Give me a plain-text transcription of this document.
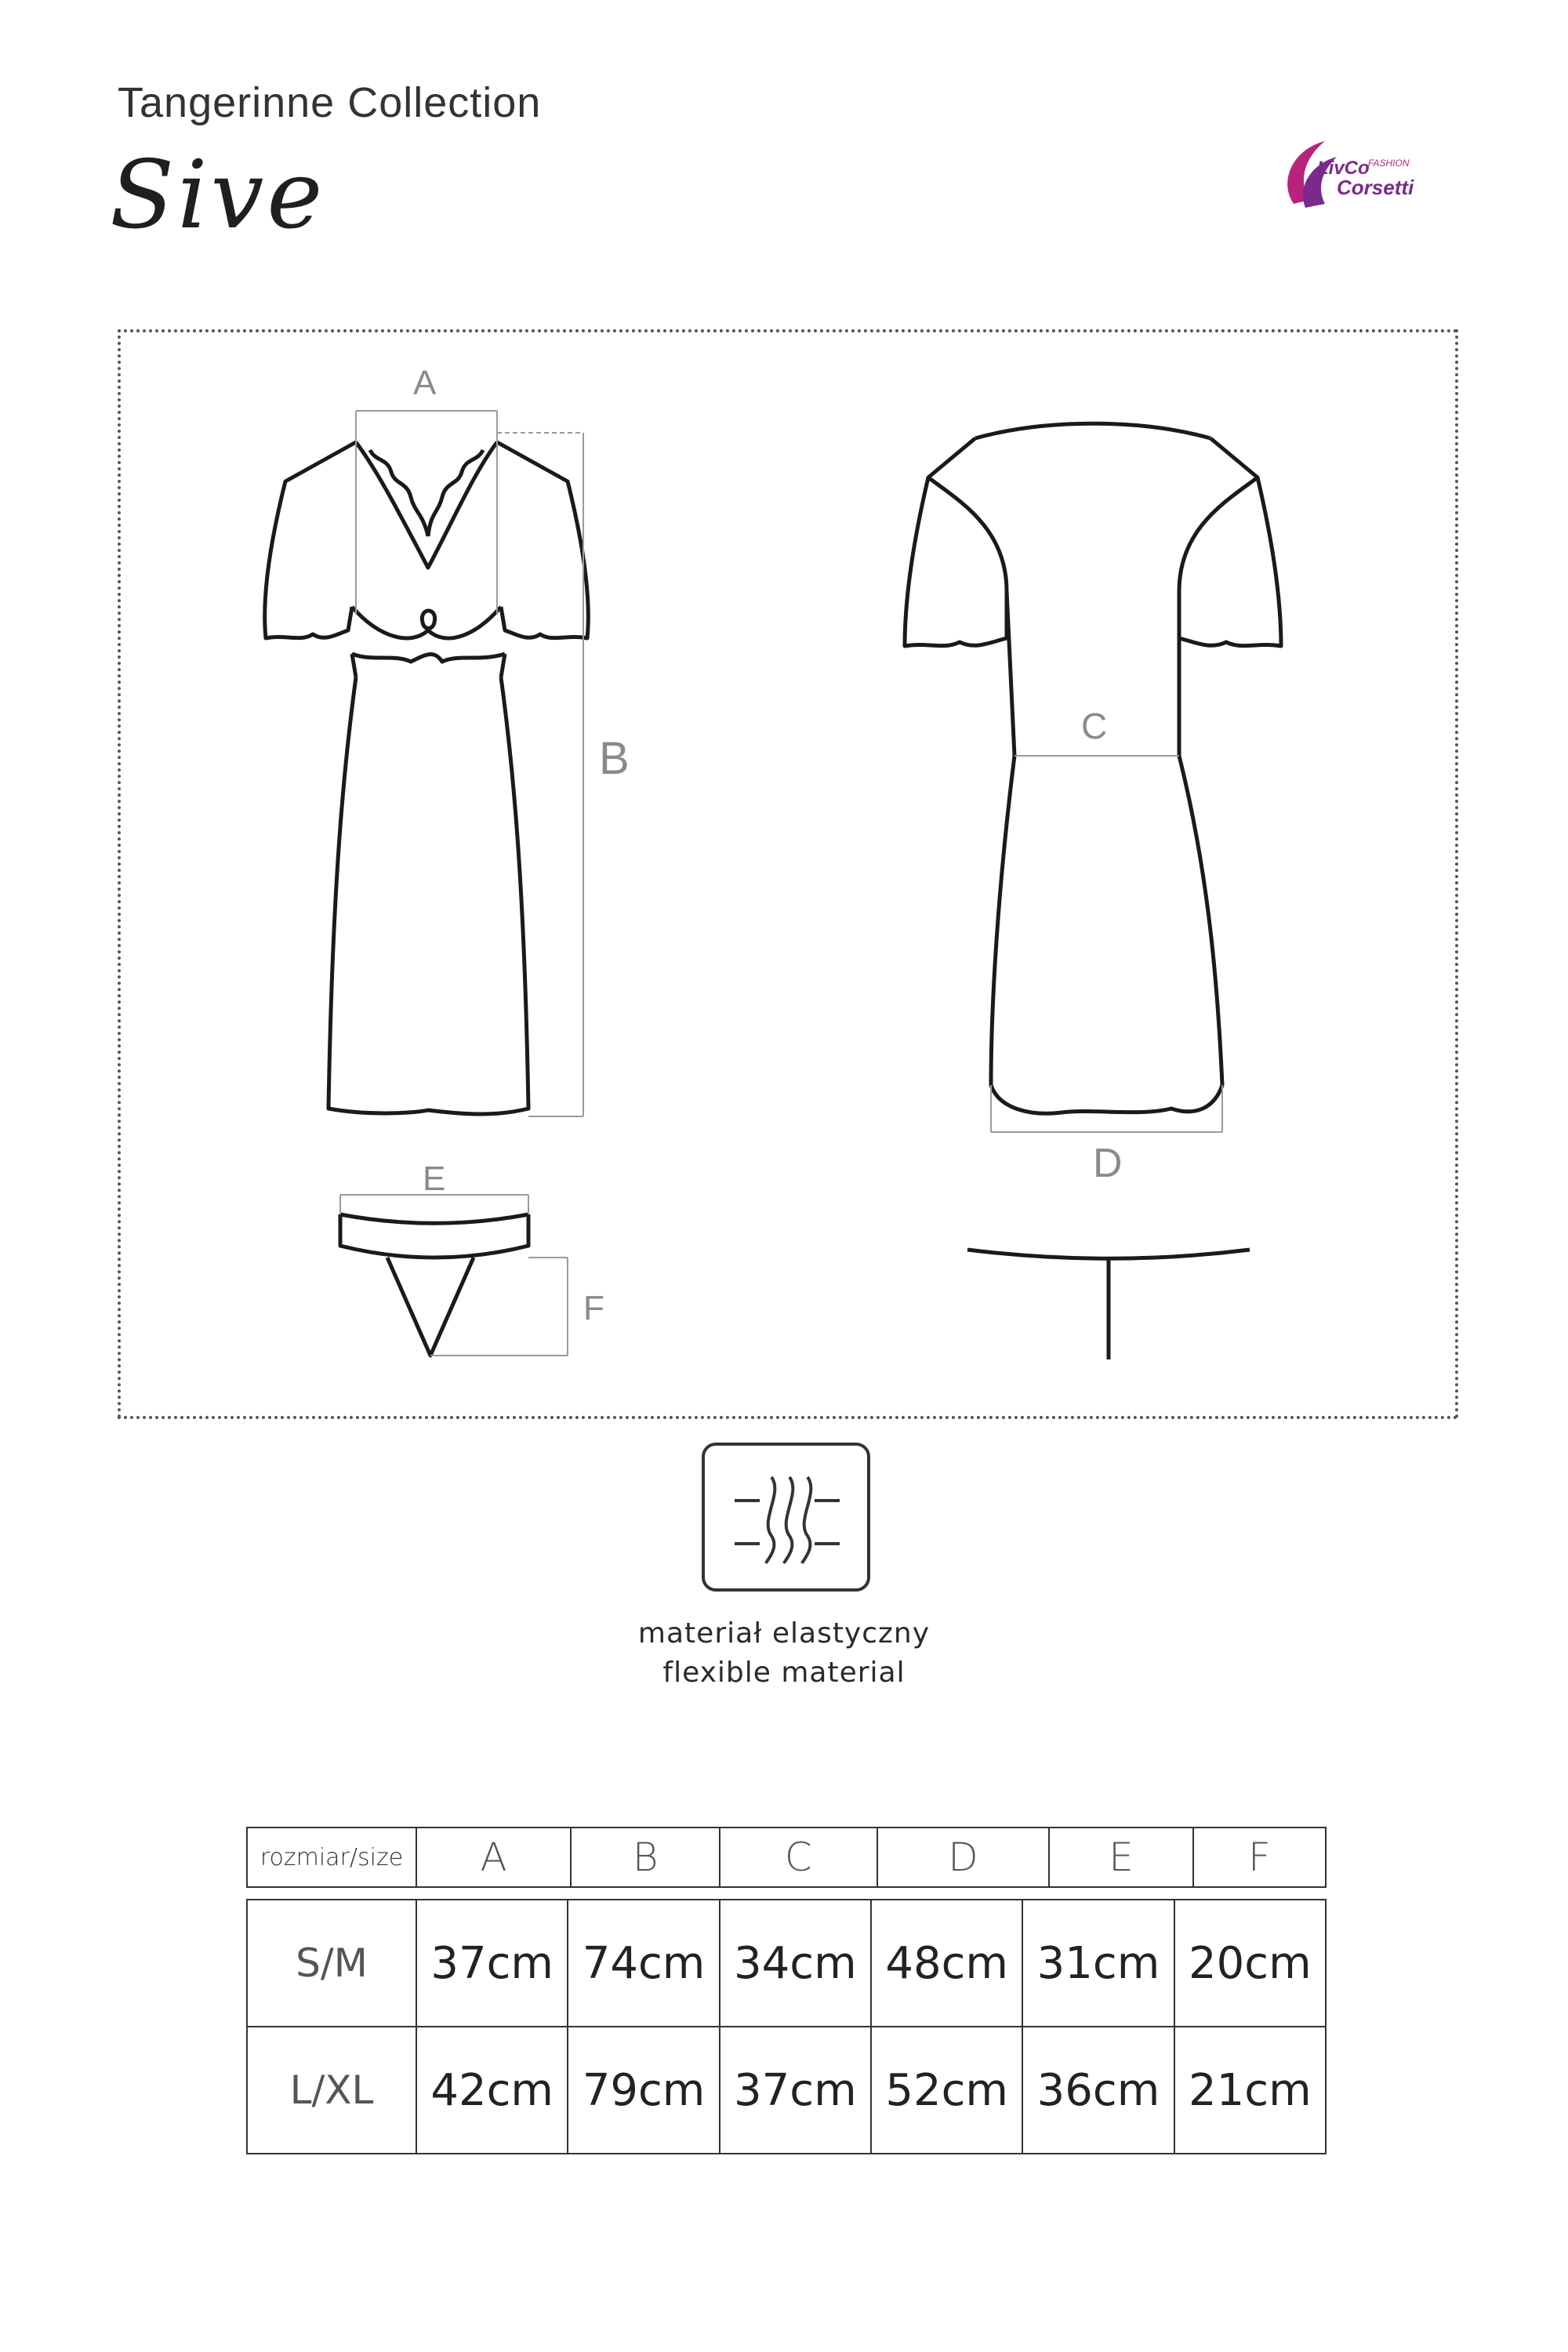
Tangerinne Collection
Sive	LivCo
FASHION
Corsetti
A
B
C
D
E
F
materiał elastyczny
flexible material
rozmiar/size	A	B	C	D	E	F
S/M	37cm	74cm	34cm	48cm	31cm	20cm
L/XL	42cm	79cm	37cm	52cm	36cm	21cm
